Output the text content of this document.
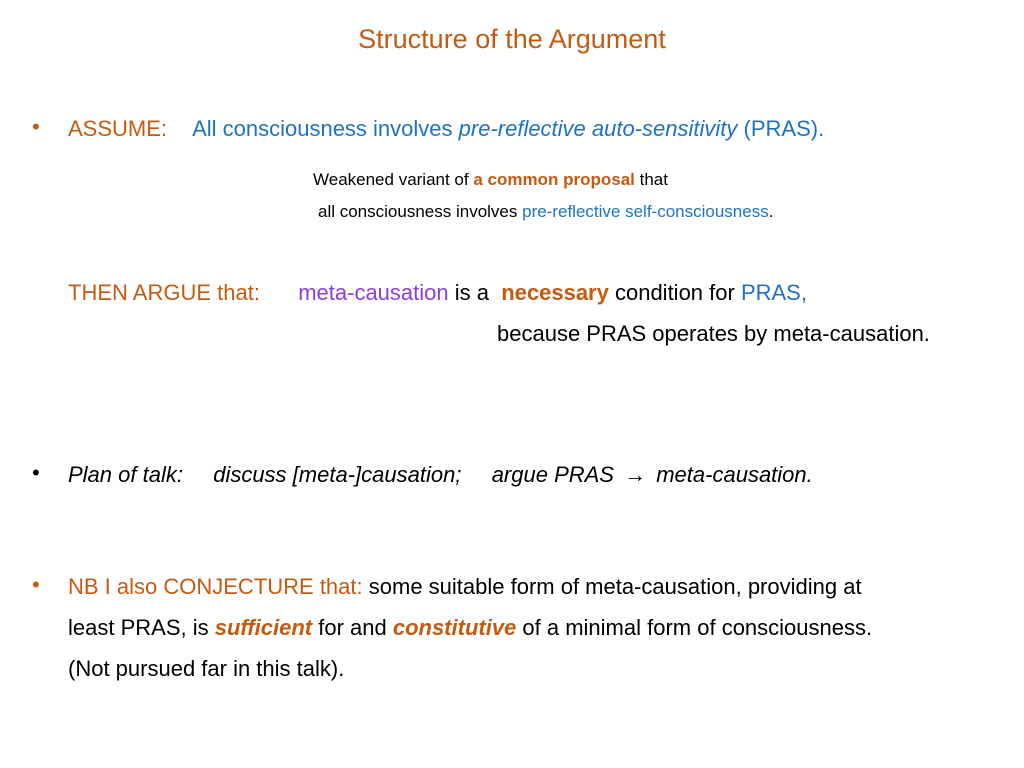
Structure of the Argument
• ASSUME: All consciousness involves pre-reflective auto-sensitivity (PRAS).
Weakened variant of a common proposal that
all consciousness involves pre-reflective self-consciousness.
THEN ARGUE that: meta-causation is a  necessary condition for PRAS,
because PRAS operates by meta-causation.
• Plan of talk: discuss [meta-]causation; argue PRAS → meta-causation.
• NB I also CONJECTURE that: some suitable form of meta-causation, providing at
least PRAS, is sufficient for and constitutive of a minimal form of consciousness.
(Not pursued far in this talk).
